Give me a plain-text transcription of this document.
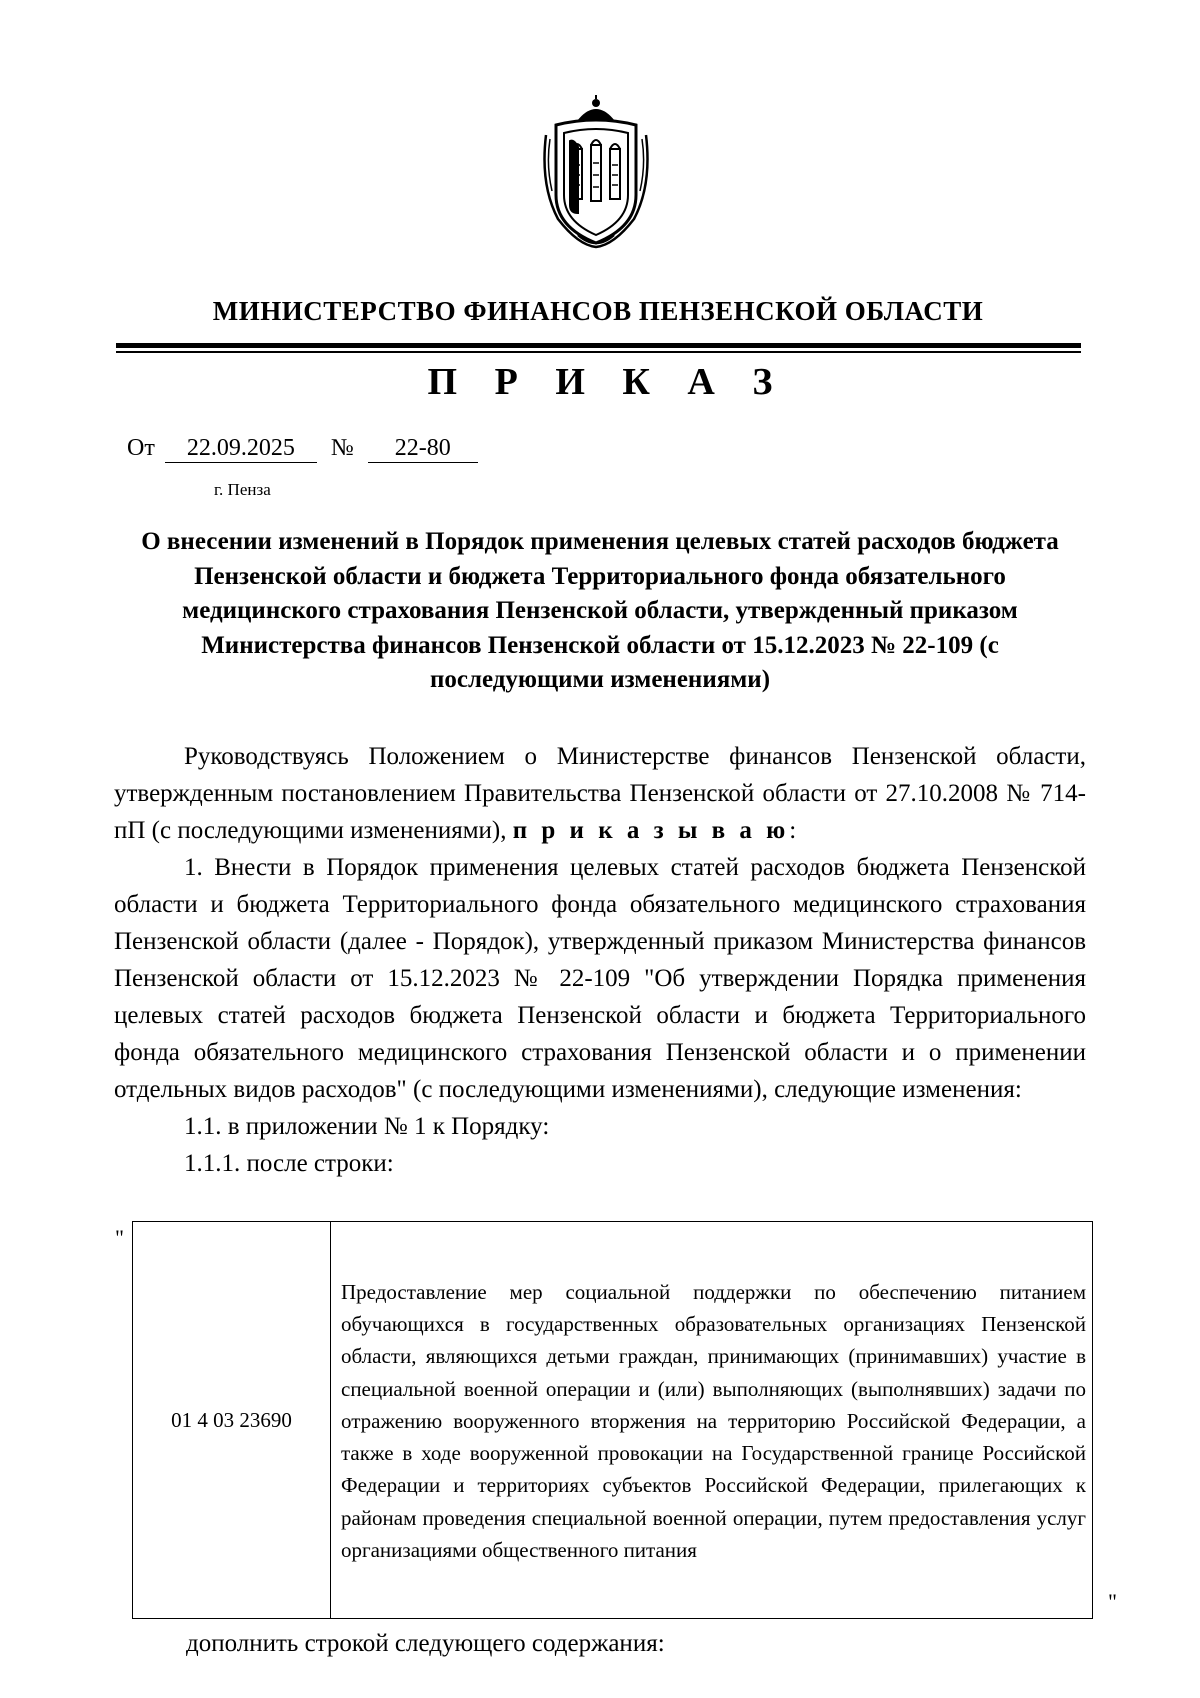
МИНИСТЕРСТВО ФИНАНСОВ ПЕНЗЕНСКОЙ ОБЛАСТИ
П Р И К А З
От 22.09.2025 № 22-80
г. Пенза
О внесении изменений в Порядок применения целевых статей расходов бюджета Пензенской области и бюджета Территориального фонда обязательного медицинского страхования Пензенской области, утвержденный приказом Министерства финансов Пензенской области от 15.12.2023 № 22-109 (с последующими изменениями)

Руководствуясь Положением о Министерстве финансов Пензенской области, утвержденным постановлением Правительства Пензенской области от 27.10.2008 № 714-пП (с последующими изменениями), п р и к а з ы в а ю:

1. Внести в Порядок применения целевых статей расходов бюджета Пензенской области и бюджета Территориального фонда обязательного медицинского страхования Пензенской области (далее - Порядок), утвержденный приказом Министерства финансов Пензенской области от 15.12.2023 № 22-109 "Об утверждении Порядка применения целевых статей расходов бюджета Пензенской области и бюджета Территориального фонда обязательного медицинского страхования Пензенской области и о применении отдельных видов расходов" (с последующими изменениями), следующие изменения:

1.1. в приложении № 1 к Порядку:

1.1.1. после строки:

"
01 4 03 23690	Предоставление мер социальной поддержки по обеспечению питанием обучающихся в государственных образовательных организациях Пензенской области, являющихся детьми граждан, принимающих (принимавших) участие в специальной военной операции и (или) выполняющих (выполнявших) задачи по отражению вооруженного вторжения на территорию Российской Федерации, а также в ходе вооруженной провокации на Государственной границе Российской Федерации и территориях субъектов Российской Федерации, прилегающих к районам проведения специальной военной операции, путем предоставления услуг организациями общественного питания
"
дополнить строкой следующего содержания:
